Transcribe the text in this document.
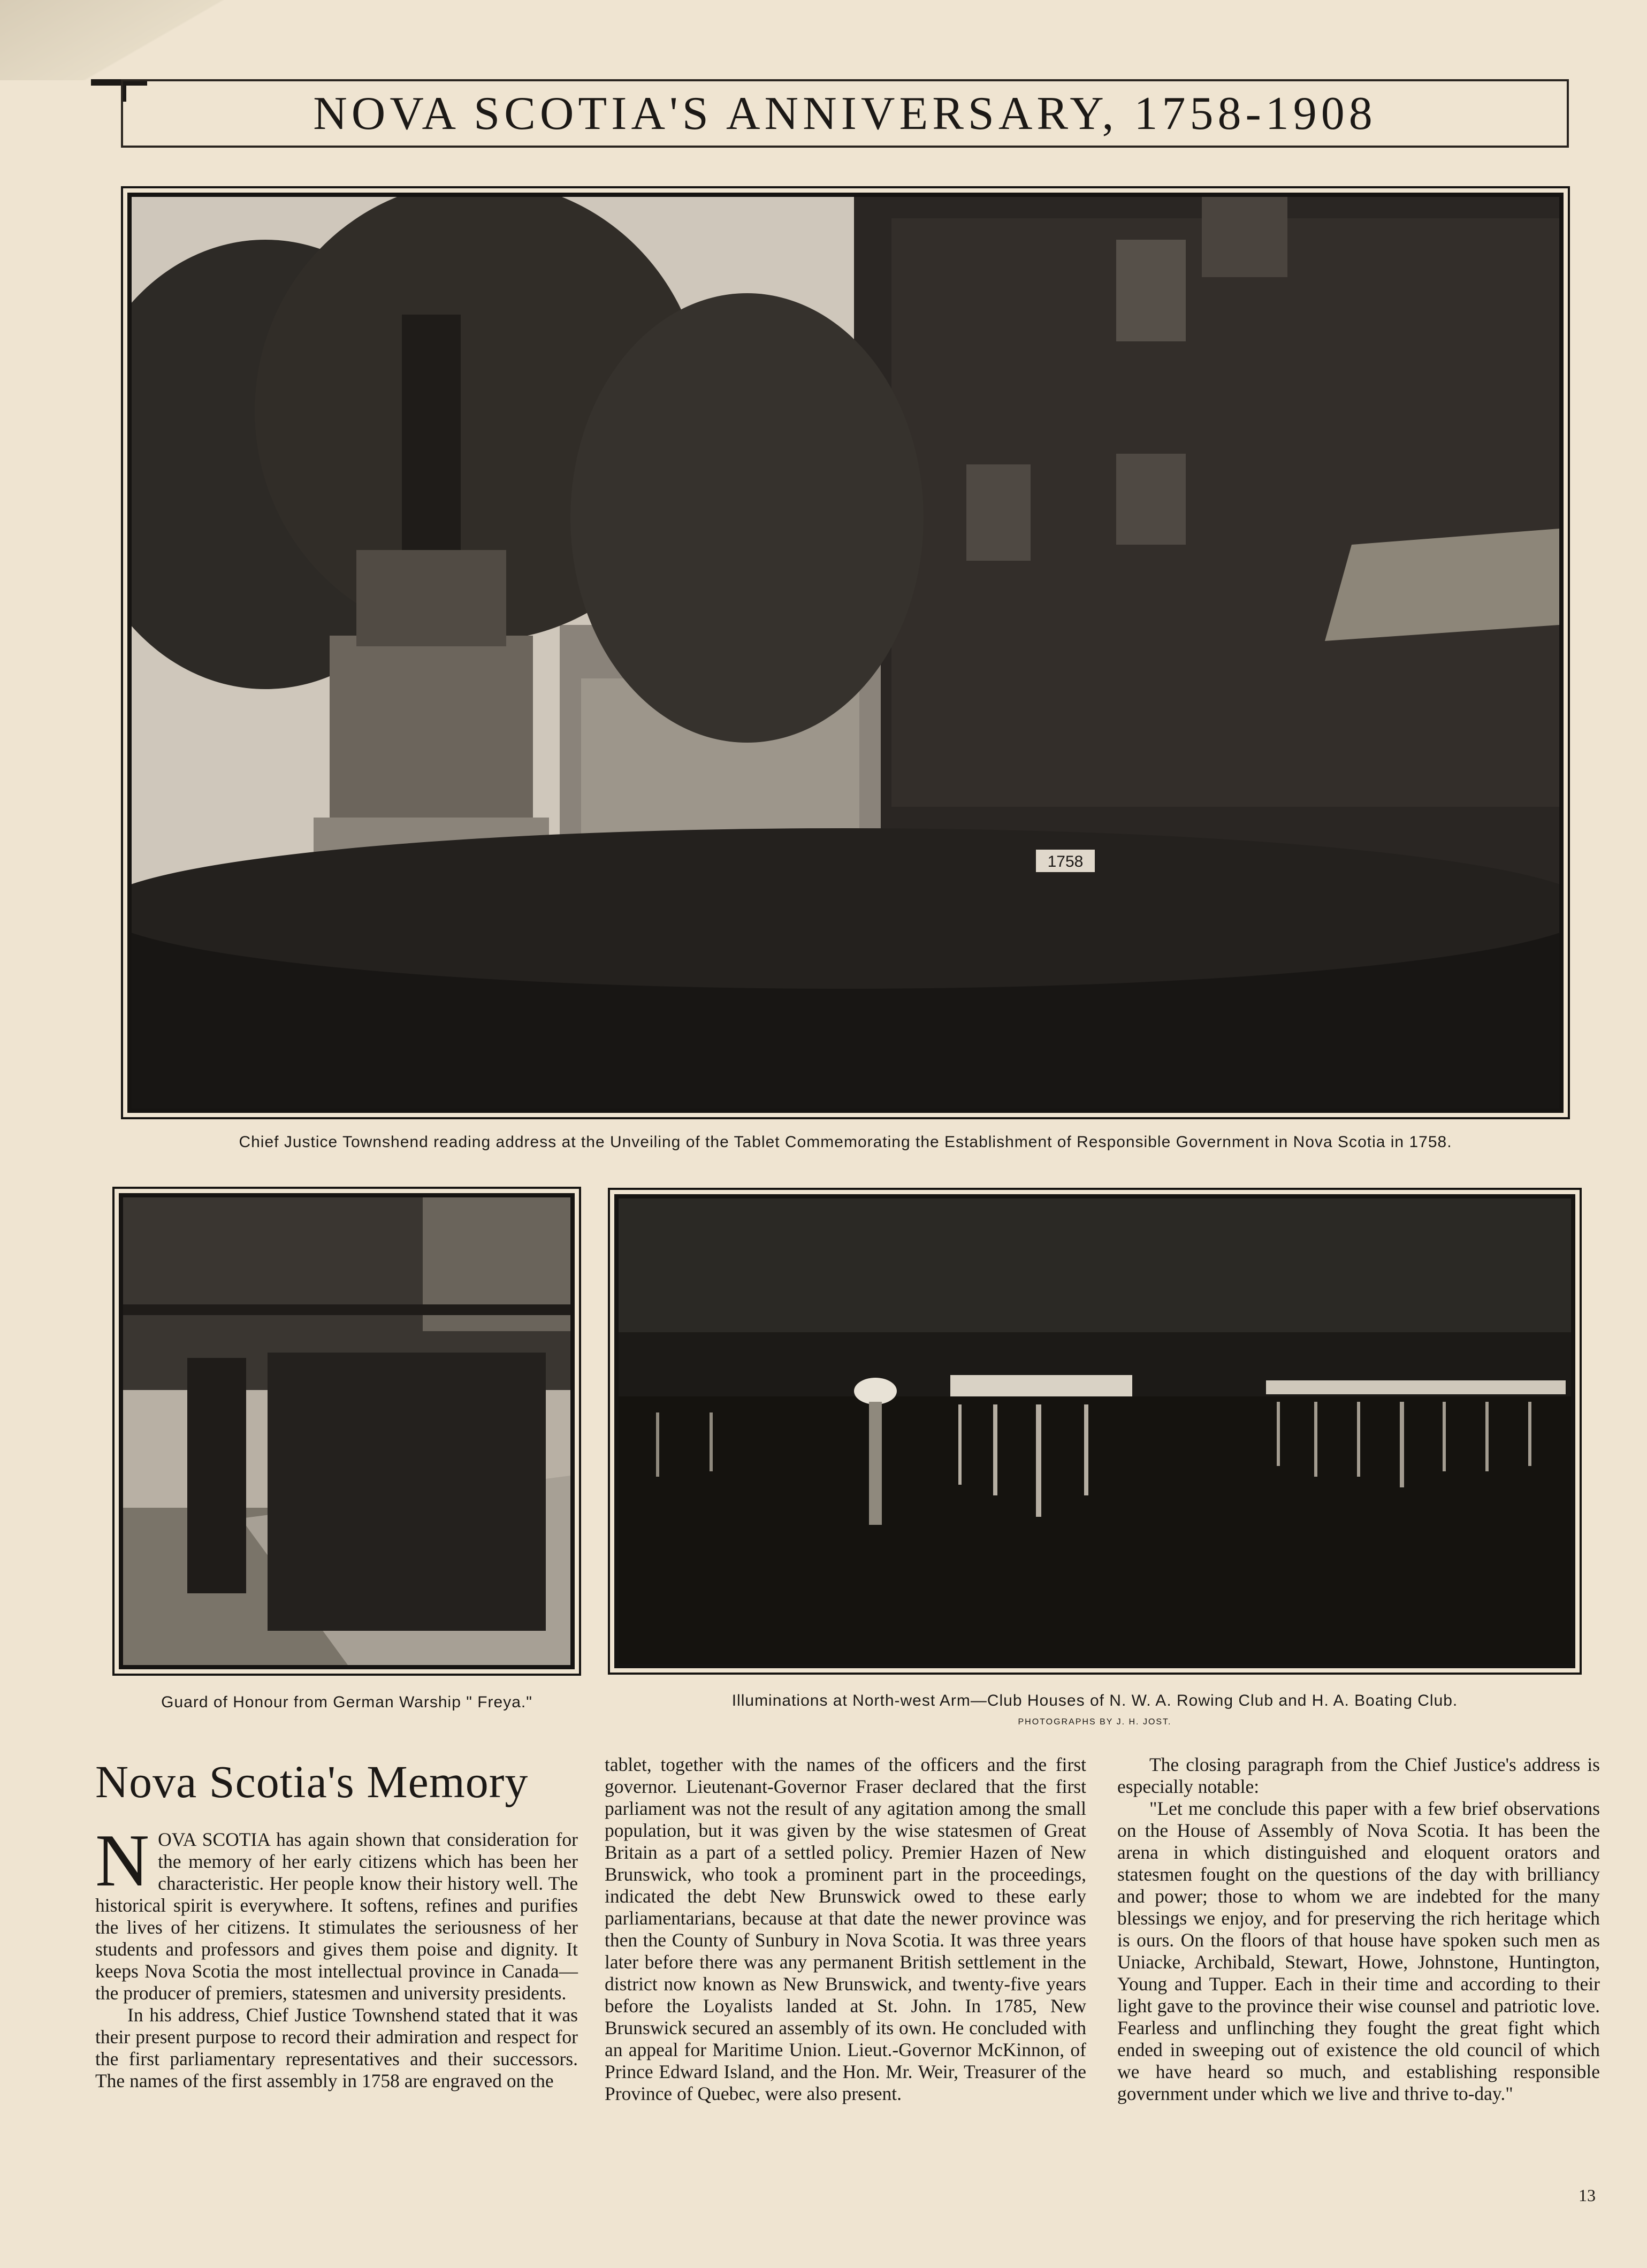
NOVA SCOTIA'S ANNIVERSARY, 1758-1908
1758
Chief Justice Townshend reading address at the Unveiling of the Tablet Commemorating the Establishment of Responsible Government in Nova Scotia in 1758.
Guard of Honour from German Warship " Freya."	Illuminations at North-west Arm—Club Houses of N. W. A. Rowing Club and H. A. Boating Club.
PHOTOGRAPHS BY J. H. JOST.
Nova Scotia's Memory
N OVA SCOTIA has again shown that consideration for the memory of her early citizens which has been her characteristic. Her people know their history well. The historical spirit is everywhere. It softens, refines and purifies the lives of her citizens. It stimulates the seriousness of her students and professors and gives them poise and dignity. It keeps Nova Scotia the most intellectual province in Canada—the producer of premiers, statesmen and university presidents.

In his address, Chief Justice Townshend stated that it was their present purpose to record their admiration and respect for the first parliamentary representatives and their successors. The names of the first assembly in 1758 are engraved on the

tablet, together with the names of the officers and the first governor. Lieutenant-Governor Fraser declared that the first parliament was not the result of any agitation among the small population, but it was given by the wise statesmen of Great Britain as a part of a settled policy. Premier Hazen of New Brunswick, who took a prominent part in the proceedings, indicated the debt New Brunswick owed to these early parliamentarians, because at that date the newer province was then the County of Sunbury in Nova Scotia. It was three years later before there was any permanent British settlement in the district now known as New Brunswick, and twenty-five years before the Loyalists landed at St. John. In 1785, New Brunswick secured an assembly of its own. He concluded with an appeal for Maritime Union. Lieut.-Governor McKinnon, of Prince Edward Island, and the Hon. Mr. Weir, Treasurer of the Province of Quebec, were also present.

The closing paragraph from the Chief Justice's address is especially notable:

"Let me conclude this paper with a few brief observations on the House of Assembly of Nova Scotia. It has been the arena in which distinguished and eloquent orators and statesmen fought on the questions of the day with brilliancy and power; those to whom we are indebted for the many blessings we enjoy, and for preserving the rich heritage which is ours. On the floors of that house have spoken such men as Uniacke, Archibald, Stewart, Howe, Johnstone, Huntington, Young and Tupper. Each in their time and according to their light gave to the province their wise counsel and patriotic love. Fearless and unflinching they fought the great fight which ended in sweeping out of existence the old council of which we have heard so much, and establishing responsible government under which we live and thrive to-day."

13
